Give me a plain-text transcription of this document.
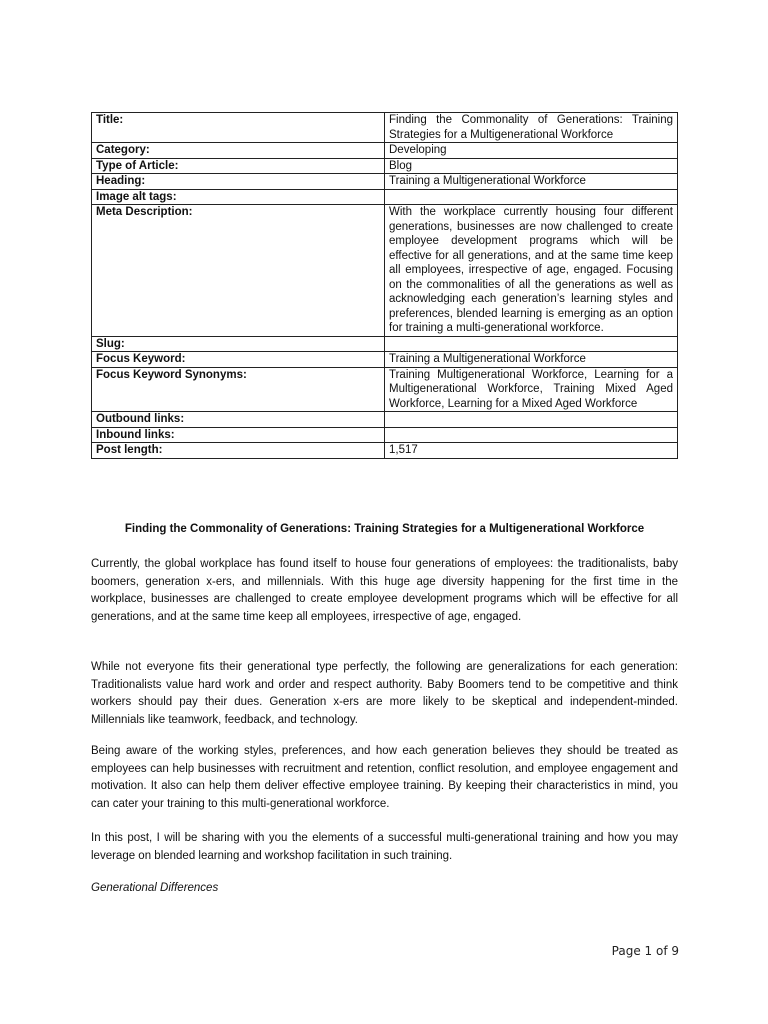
Title:	Finding the Commonality of Generations: Training Strategies for a Multigenerational Workforce
Category:	Developing
Type of Article:	Blog
Heading:	Training a Multigenerational Workforce
Image alt tags:	
Meta Description:	With the workplace currently housing four different generations, businesses are now challenged to create employee development programs which will be effective for all generations, and at the same time keep all employees, irrespective of age, engaged. Focusing on the commonalities of all the generations as well as acknowledging each generation’s learning styles and preferences, blended learning is emerging as an option for training a multi-generational workforce.
Slug:	
Focus Keyword:	Training a Multigenerational Workforce
Focus Keyword Synonyms:	Training Multigenerational Workforce, Learning for a Multigenerational Workforce, Training Mixed Aged Workforce, Learning for a Mixed Aged Workforce
Outbound links:	
Inbound links:	
Post length:	1,517
Finding the Commonality of Generations: Training Strategies for a Multigenerational Workforce

Currently, the global workplace has found itself to house four generations of employees: the traditionalists, baby boomers, generation x-ers, and millennials. With this huge age diversity happening for the first time in the workplace, businesses are challenged to create employee development programs which will be effective for all generations, and at the same time keep all employees, irrespective of age, engaged.

While not everyone fits their generational type perfectly, the following are generalizations for each generation: Traditionalists value hard work and order and respect authority. Baby Boomers tend to be competitive and think workers should pay their dues. Generation x-ers are more likely to be skeptical and independent-minded. Millennials like teamwork, feedback, and technology.

Being aware of the working styles, preferences, and how each generation believes they should be treated as employees can help businesses with recruitment and retention, conflict resolution, and employee engagement and motivation. It also can help them deliver effective employee training. By keeping their characteristics in mind, you can cater your training to this multi-generational workforce.

In this post, I will be sharing with you the elements of a successful multi-generational training and how you may leverage on blended learning and workshop facilitation in such training.

Generational Differences
Page 1 of 9
